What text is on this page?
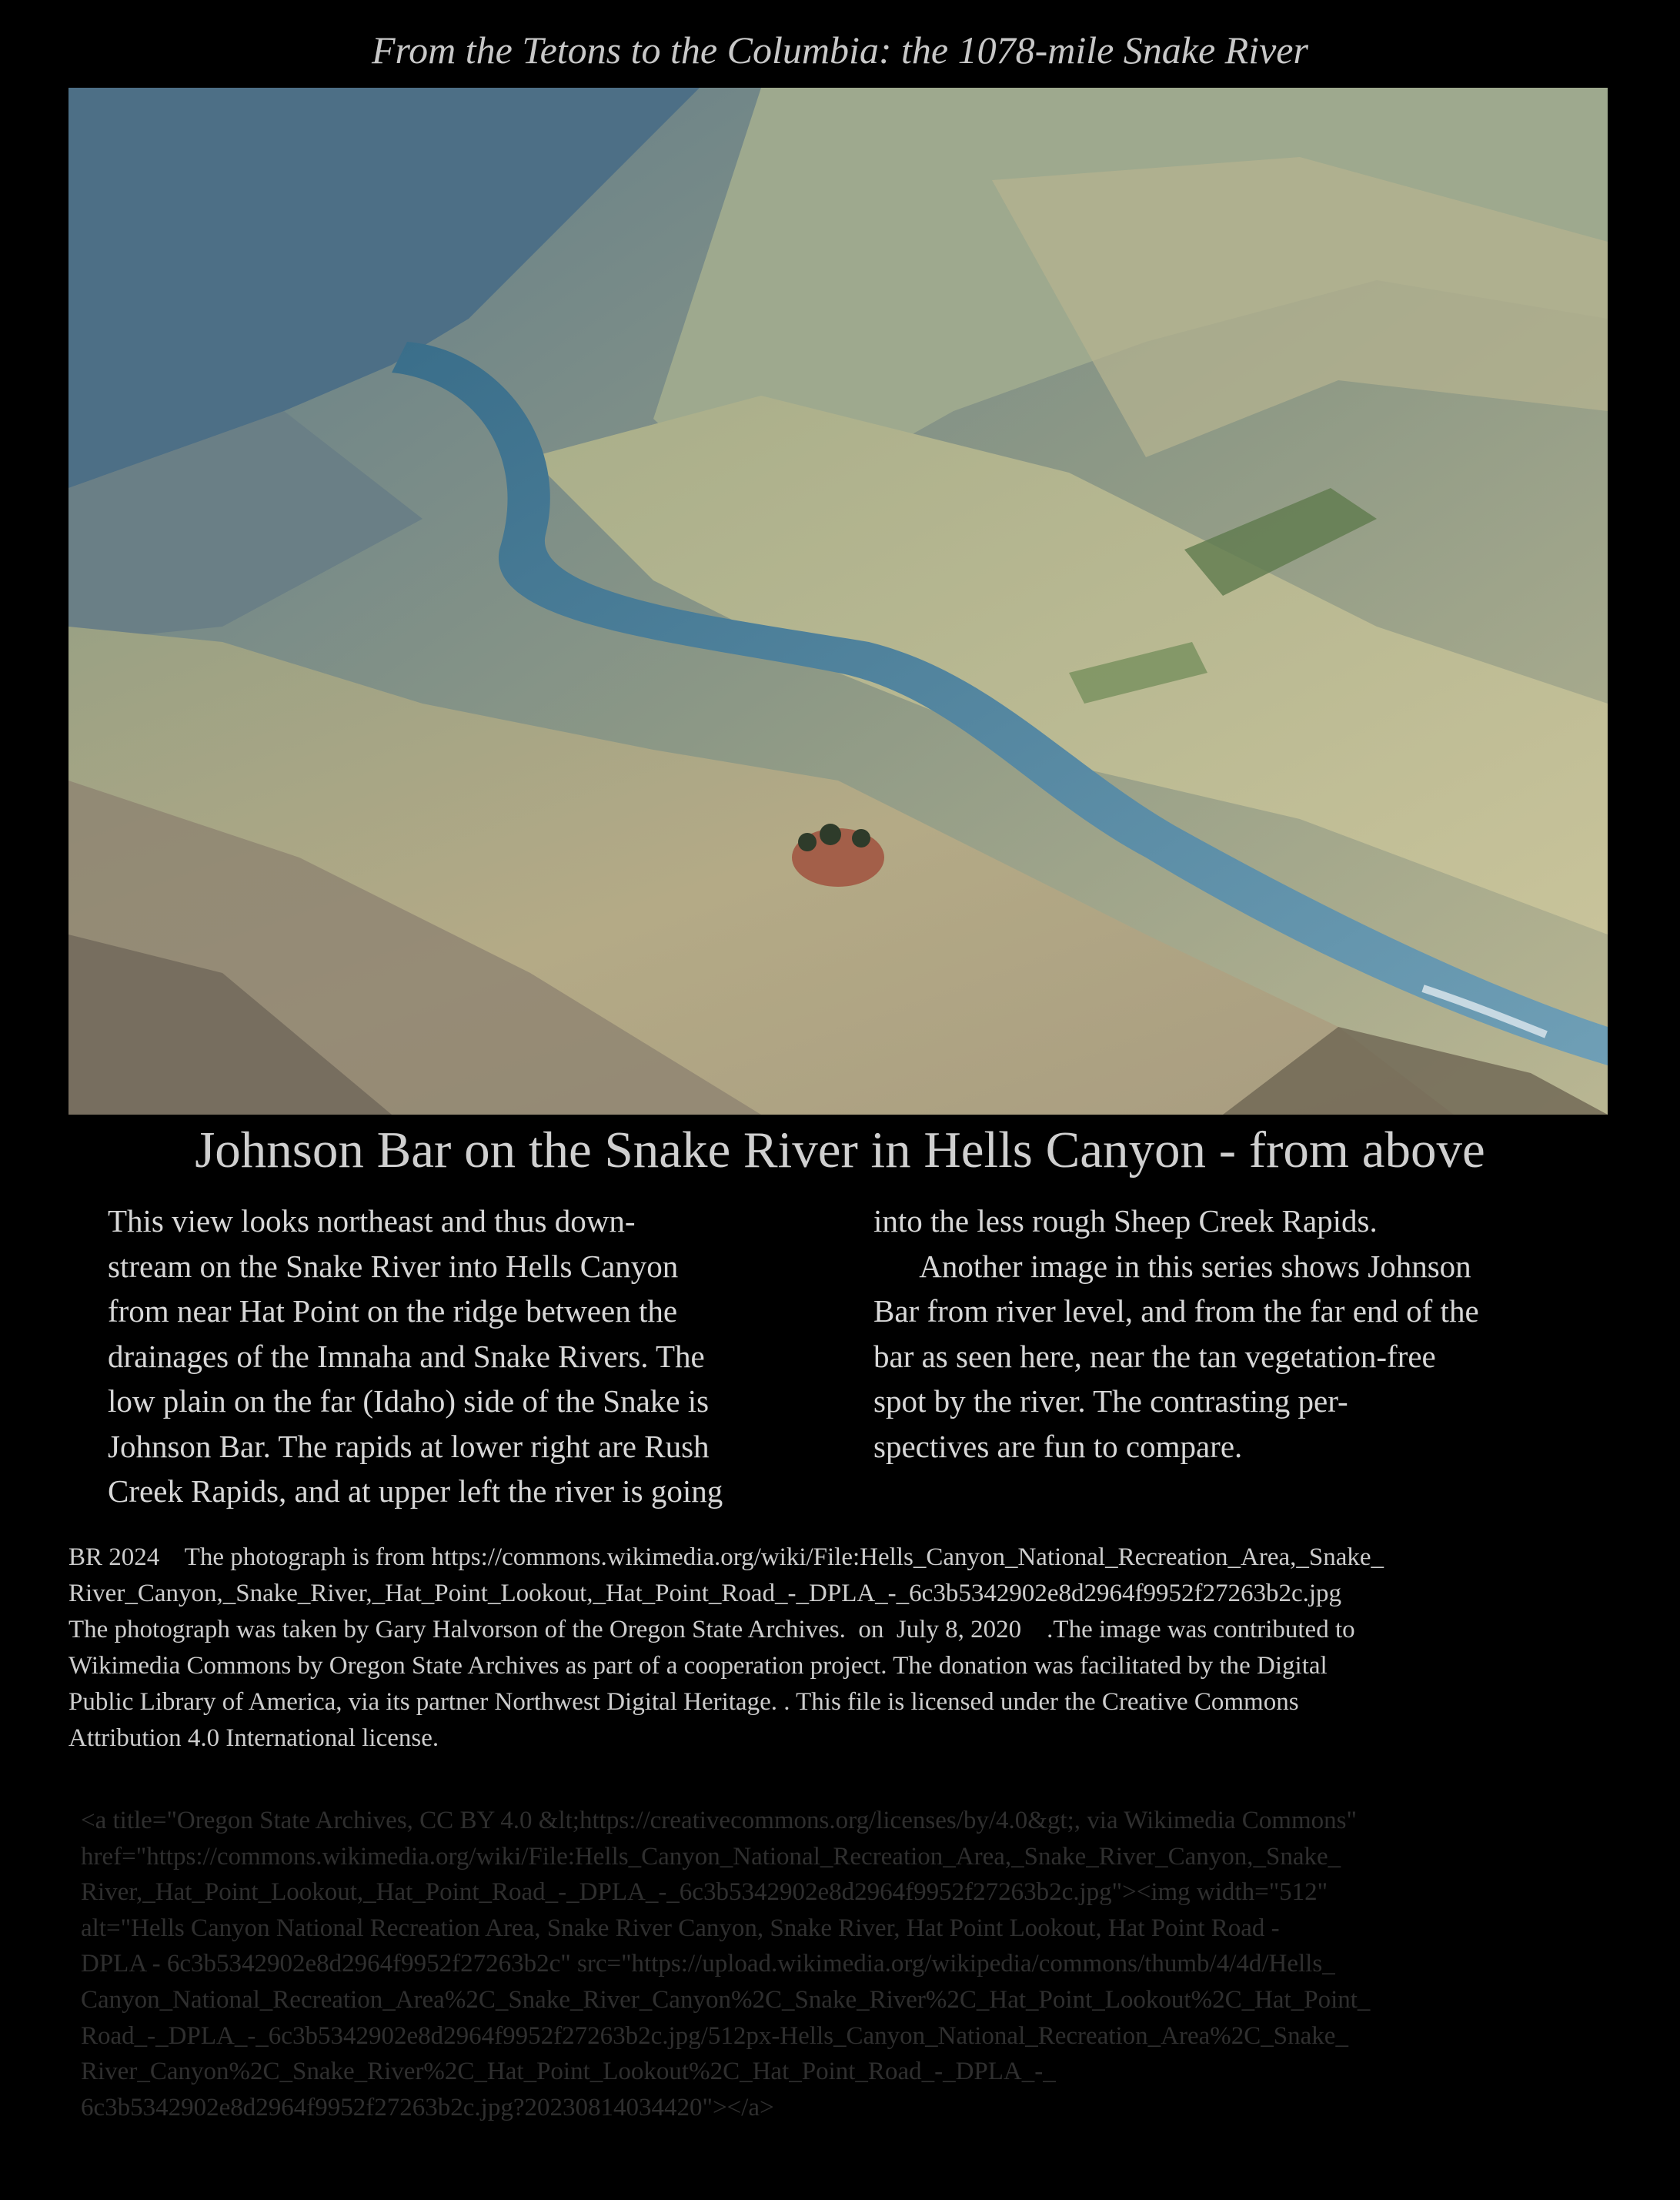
From the Tetons to the Columbia: the 1078-mile Snake River
Johnson Bar on the Snake River in Hells Canyon - from above

This view looks northeast and thus down-

stream on the Snake River into Hells Canyon

from near Hat Point on the ridge between the

drainages of the Imnaha and Snake Rivers. The

low plain on the far (Idaho) side of the Snake is

Johnson Bar. The rapids at lower right are Rush

Creek Rapids, and at upper left the river is going

into the less rough Sheep Creek Rapids.

Another image in this series shows Johnson

Bar from river level, and from the far end of the

bar as seen here, near the tan vegetation-free

spot by the river. The contrasting per-

spectives are fun to compare.

BR 2024    The photograph is from https://commons.wikimedia.org/wiki/File:Hells_Canyon_National_Recreation_Area,_Snake_

River_Canyon,_Snake_River,_Hat_Point_Lookout,_Hat_Point_Road_-_DPLA_-_6c3b5342902e8d2964f9952f27263b2c.jpg

The photograph was taken by Gary Halvorson of the Oregon State Archives.  on  July 8, 2020    .The image was contributed to

Wikimedia Commons by Oregon State Archives as part of a cooperation project. The donation was facilitated by the Digital

Public Library of America, via its partner Northwest Digital Heritage. . This file is licensed under the Creative Commons

Attribution 4.0 International license.

<a title="Oregon State Archives, CC BY 4.0 &lt;https://creativecommons.org/licenses/by/4.0&gt;, via Wikimedia Commons"

href="https://commons.wikimedia.org/wiki/File:Hells_Canyon_National_Recreation_Area,_Snake_River_Canyon,_Snake_

River,_Hat_Point_Lookout,_Hat_Point_Road_-_DPLA_-_6c3b5342902e8d2964f9952f27263b2c.jpg"><img width="512"

alt="Hells Canyon National Recreation Area, Snake River Canyon, Snake River, Hat Point Lookout, Hat Point Road -

DPLA - 6c3b5342902e8d2964f9952f27263b2c" src="https://upload.wikimedia.org/wikipedia/commons/thumb/4/4d/Hells_

Canyon_National_Recreation_Area%2C_Snake_River_Canyon%2C_Snake_River%2C_Hat_Point_Lookout%2C_Hat_Point_

Road_-_DPLA_-_6c3b5342902e8d2964f9952f27263b2c.jpg/512px-Hells_Canyon_National_Recreation_Area%2C_Snake_

River_Canyon%2C_Snake_River%2C_Hat_Point_Lookout%2C_Hat_Point_Road_-_DPLA_-_

6c3b5342902e8d2964f9952f27263b2c.jpg?20230814034420"></a>
